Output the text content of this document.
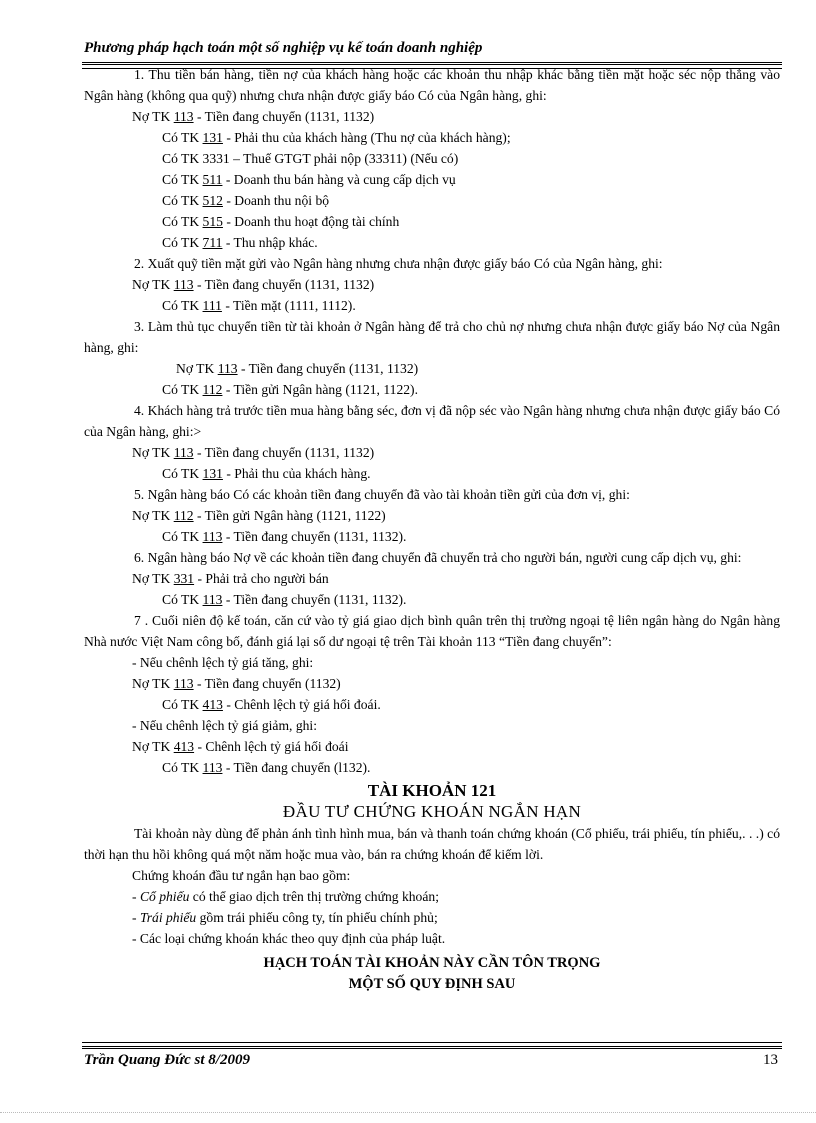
Phương pháp hạch toán một số nghiệp vụ kế toán doanh nghiệp

1. Thu tiền bán hàng, tiền nợ của khách hàng hoặc các khoản thu nhập khác bằng tiền mặt hoặc séc nộp thẳng vào Ngân hàng (không qua quỹ) nhưng chưa nhận được giấy báo Có của Ngân hàng, ghi:

Nợ TK 113 - Tiền đang chuyển (1131, 1132)

Có TK 131 - Phải thu của khách hàng (Thu nợ của khách hàng);

Có TK 3331 – Thuế GTGT phải nộp (33311) (Nếu có)

Có TK 511 - Doanh thu bán hàng và cung cấp dịch vụ

Có TK 512 - Doanh thu nội bộ

Có TK 515 - Doanh thu hoạt động tài chính

Có TK 711 - Thu nhập khác.

2. Xuất quỹ tiền mặt gửi vào Ngân hàng nhưng chưa nhận được giấy báo Có của Ngân hàng, ghi:

Nợ TK 113 - Tiền đang chuyển (1131, 1132)

Có TK 111 - Tiền mặt (1111, 1112).

3. Làm thủ tục chuyển tiền từ tài khoản ở Ngân hàng để trả cho chủ nợ nhưng chưa nhận được giấy báo Nợ của Ngân hàng, ghi:

Nợ TK 113 - Tiền đang chuyển (1131, 1132)

Có TK 112 - Tiền gửi Ngân hàng (1121, 1122).

4. Khách hàng trả trước tiền mua hàng bằng séc, đơn vị đã nộp séc vào Ngân hàng nhưng chưa nhận được giấy báo Có của Ngân hàng, ghi:>

Nợ TK 113 - Tiền đang chuyển (1131, 1132)

Có TK 131 - Phải thu của khách hàng.

5. Ngân hàng báo Có các khoản tiền đang chuyển đã vào tài khoản tiền gửi của đơn vị, ghi:

Nợ TK 112 - Tiền gửi Ngân hàng (1121, 1122)

Có TK 113 - Tiền đang chuyển (1131, 1132).

6. Ngân hàng báo Nợ về các khoản tiền đang chuyển đã chuyển trả cho người bán, người cung cấp dịch vụ, ghi:

Nợ TK 331 - Phải trả cho người bán

Có TK 113 - Tiền đang chuyển (1131, 1132).

7 . Cuối niên độ kế toán, căn cứ vào tỷ giá giao dịch bình quân trên thị trường ngoại tệ liên ngân hàng do Ngân hàng Nhà nước Việt Nam công bố, đánh giá lại số dư ngoại tệ trên Tài khoản 113 “Tiền đang chuyển”:

- Nếu chênh lệch tỷ giá tăng, ghi:

Nợ TK 113 - Tiền đang chuyển (1132)

Có TK 413 - Chênh lệch tỷ giá hối đoái.

- Nếu chênh lệch tỷ giá giảm, ghi:

Nợ TK 413 - Chênh lệch tỷ giá hối đoái

Có TK 113 - Tiền đang chuyển (l132).

TÀI KHOẢN 121

ĐẦU TƯ CHỨNG KHOÁN NGẮN HẠN

Tài khoản này dùng để phản ánh tình hình mua, bán và thanh toán chứng khoán (Cổ phiếu, trái phiếu, tín phiếu,. . .) có thời hạn thu hồi không quá một năm hoặc mua vào, bán ra chứng khoán để kiếm lời.

Chứng khoán đầu tư ngắn hạn bao gồm:

- Cổ phiếu có thể giao dịch trên thị trường chứng khoán;

- Trái phiếu gồm trái phiếu công ty, tín phiếu chính phủ;

- Các loại chứng khoán khác theo quy định của pháp luật.

HẠCH TOÁN TÀI KHOẢN NÀY CẦN TÔN TRỌNG

MỘT SỐ QUY ĐỊNH SAU

Trần Quang Đức st 8/2009	13
